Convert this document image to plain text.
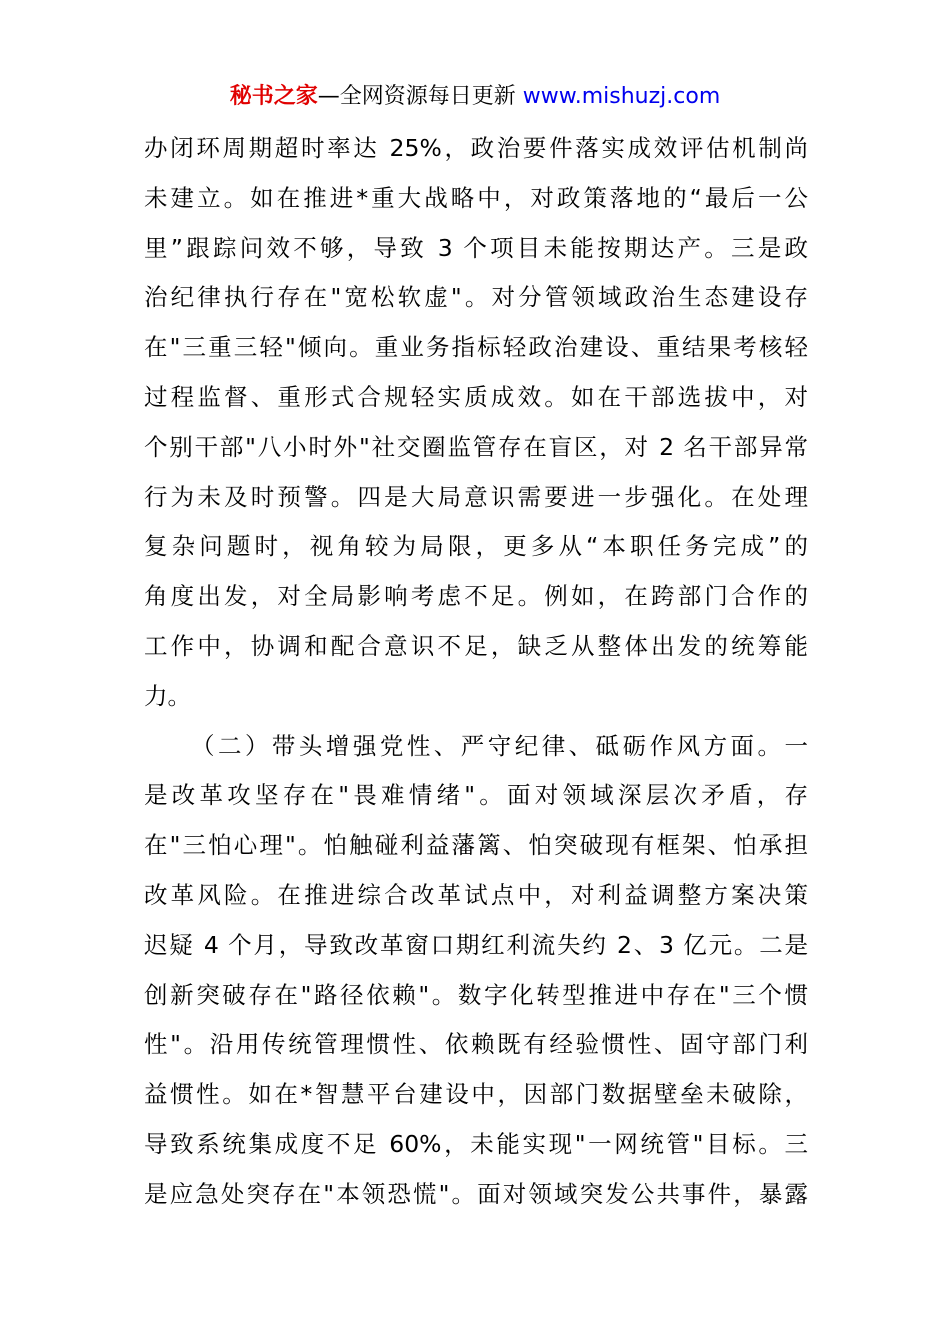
秘书之家—全网资源每日更新 www.mishuzj.com
办闭环周期超时率达 25%，政治要件落实成效评估机制尚
未建立。如在推进*重大战略中，对政策落地的“最后一公
里”跟踪问效不够，导致 3 个项目未能按期达产。三是政
治纪律执行存在"宽松软虚"。对分管领域政治生态建设存
在"三重三轻"倾向。重业务指标轻政治建设、重结果考核轻
过程监督、重形式合规轻实质成效。如在干部选拔中，对
个别干部"八小时外"社交圈监管存在盲区，对 2 名干部异常
行为未及时预警。四是大局意识需要进一步强化。在处理
复杂问题时，视角较为局限，更多从“本职任务完成”的
角度出发，对全局影响考虑不足。例如，在跨部门合作的
工作中，协调和配合意识不足，缺乏从整体出发的统筹能
力。
（二）带头增强党性、严守纪律、砥砺作风方面。一
是改革攻坚存在"畏难情绪"。面对领域深层次矛盾，存
在"三怕心理"。怕触碰利益藩篱、怕突破现有框架、怕承担
改革风险。在推进综合改革试点中，对利益调整方案决策
迟疑 4 个月，导致改革窗口期红利流失约 2、3 亿元。二是
创新突破存在"路径依赖"。数字化转型推进中存在"三个惯
性"。沿用传统管理惯性、依赖既有经验惯性、固守部门利
益惯性。如在*智慧平台建设中，因部门数据壁垒未破除，
导致系统集成度不足 60%，未能实现"一网统管"目标。三
是应急处突存在"本领恐慌"。面对领域突发公共事件，暴露
